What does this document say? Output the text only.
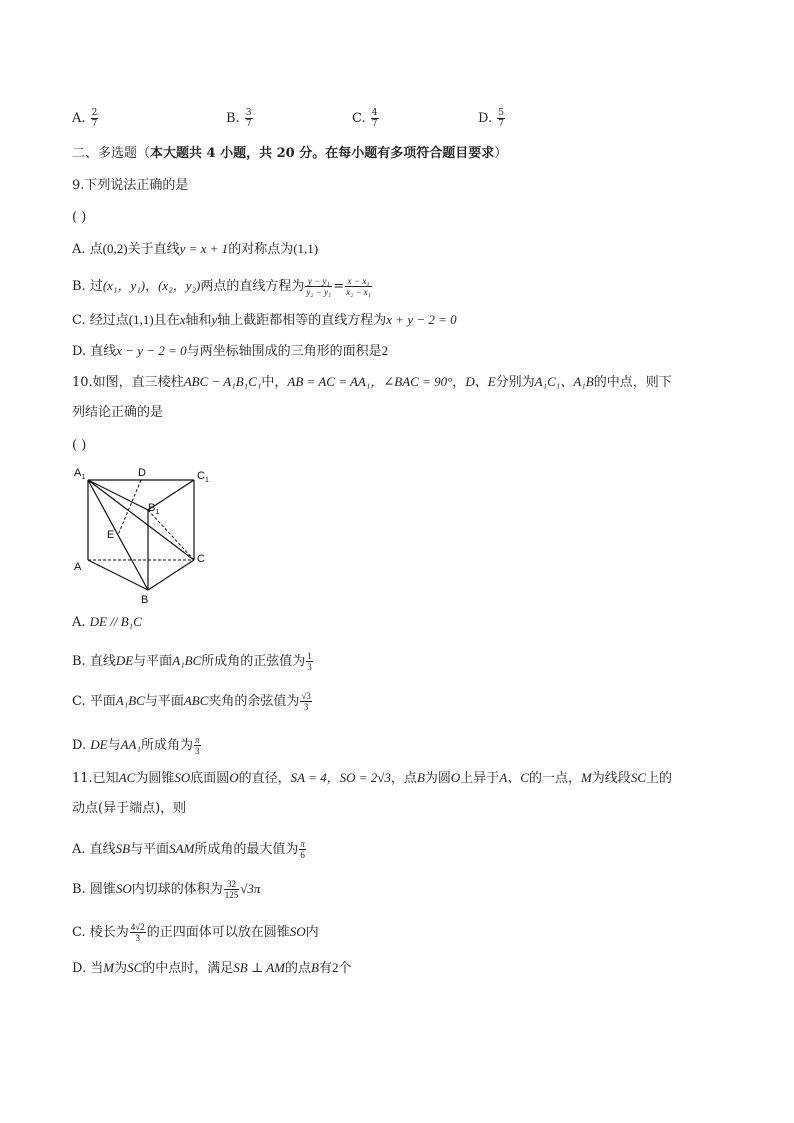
A. $\frac{2}{7}$	B. $\frac{3}{7}$	C. $\frac{4}{7}$	D. $\frac{5}{7}$
二、多选题（本大题共 4 小题，共 20 分。在每小题有多项符合题目要求）
9.下列说法正确的是
( )
A. 点(0,2)关于直线y = x + 1的对称点为(1,1)
B. 过(x₁，y₁)，(x₂，y₂)两点的直线方程为 $\frac{\text{y − y₁}}{\text{y₂ − y₁}} = \frac{\text{x − x₁}}{\text{x₂ − x₁}}$
C. 经过点(1,1)且在x轴和y轴上截距都相等的直线方程为x + y − 2 = 0
D. 直线x − y − 2 = 0与两坐标轴围成的三角形的面积是2
10.如图，直三棱柱ABC − A₁B₁C₁中，AB = AC = AA₁，∠BAC = 90°，D、E分别为A₁C₁、A₁B的中点，则下
列结论正确的是
( )
$A_1$	D	$C_1$
$B_1$
E
C
A
B
A. DE // B₁C
B. 直线DE与平面A₁BC所成角的正弦值为 $\frac{1}{3}$
C. 平面A₁BC与平面ABC夹角的余弦值为 $\frac{√3}{3}$
D. DE与AA₁所成角为 $\frac{\pi}{3}$
11.已知AC为圆锥SO底面圆O的直径，SA = 4，SO = 2√3，点B为圆O上异于A、C的一点，M为线段SC上的
动点(异于端点)，则
A. 直线SB与平面SAM所成角的最大值为 $\frac{\pi}{6}$
B. 圆锥SO内切球的体积为 $\frac{32}{125} √3\pi$
C. 棱长为 $\frac{4√2}{3}$ 的正四面体可以放在圆锥SO内
D. 当M为SC的中点时，满足SB ⊥ AM的点B有2个
